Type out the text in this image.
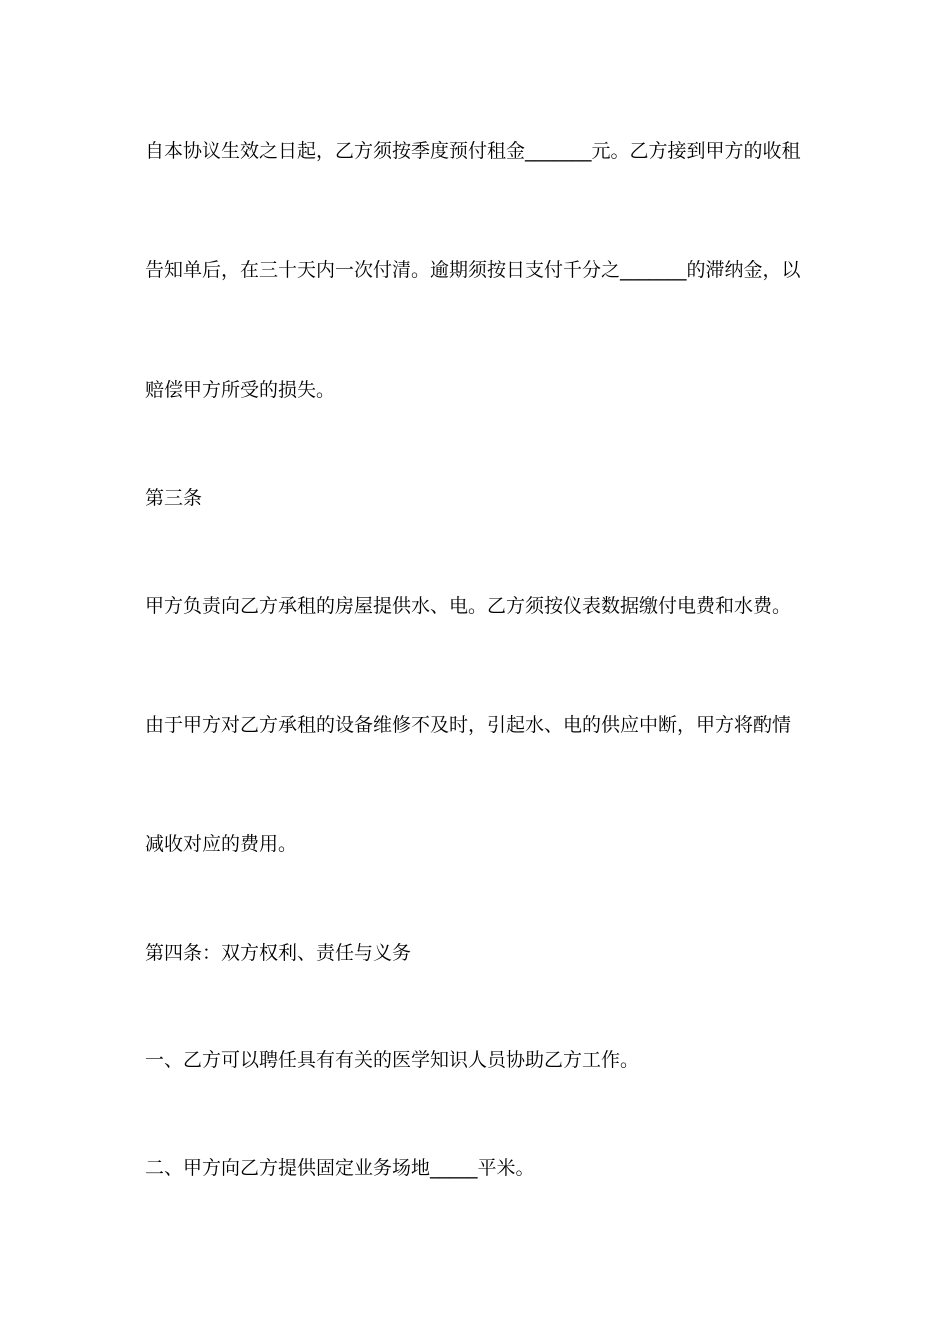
自本协议生效之日起，乙方须按季度预付租金_______元。乙方接到甲方的收租
告知单后，在三十天内一次付清。逾期须按日支付千分之_______的滞纳金，以
赔偿甲方所受的损失。
第三条
甲方负责向乙方承租的房屋提供水、电。乙方须按仪表数据缴付电费和水费。
由于甲方对乙方承租的设备维修不及时，引起水、电的供应中断，甲方将酌情
减收对应的费用。
第四条：双方权利、责任与义务
一、乙方可以聘任具有有关的医学知识人员协助乙方工作。
二、甲方向乙方提供固定业务场地_____平米。
